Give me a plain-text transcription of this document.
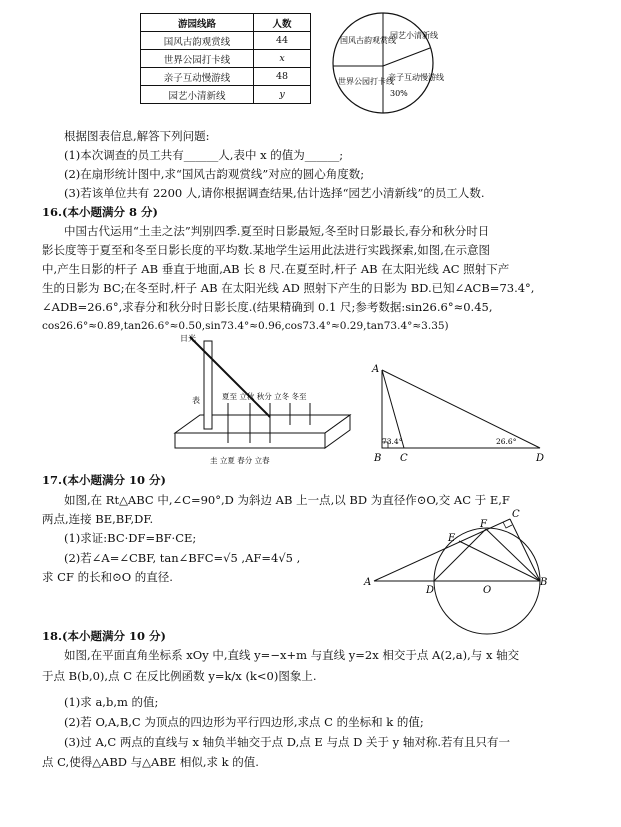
游园线路	人数
国风古韵观赏线	44
世界公园打卡线	x
亲子互动慢游线	48
园艺小清新线	y
国风古韵观赏线
园艺小清新线
世界公园打卡线
亲子互动慢游线
30%
根据图表信息,解答下列问题:
(1)本次调查的员工共有______人,表中 x 的值为______;
(2)在扇形统计图中,求“国风古韵观赏线”对应的圆心角度数;
(3)若该单位共有 2200 人,请你根据调查结果,估计选择“园艺小清新线”的员工人数.
16.(本小题满分 8 分)
中国古代运用“土圭之法”判别四季.夏至时日影最短,冬至时日影最长,春分和秋分时日
影长度等于夏至和冬至日影长度的平均数.某地学生运用此法进行实践探索,如图,在示意图
中,产生日影的杆子 AB 垂直于地面,AB 长 8 尺.在夏至时,杆子 AB 在太阳光线 AC 照射下产
生的日影为 BC;在冬至时,杆子 AB 在太阳光线 AD 照射下产生的日影为 BD.已知∠ACB=73.4°,
∠ADB=26.6°,求春分和秋分时日影长度.(结果精确到 0.1 尺;参考数据:sin26.6°≈0.45,
cos26.6°≈0.89,tan26.6°≈0.50,sin73.4°≈0.96,cos73.4°≈0.29,tan73.4°≈3.35)
日光
表	夏至 立秋 秋分 立冬 冬至
圭 立夏 春分 立春
A
B C	D
73.4°	26.6°
17.(本小题满分 10 分)
如图,在 Rt△ABC 中,∠C=90°,D 为斜边 AB 上一点,以 BD 为直径作⊙O,交 AC 于 E,F
两点,连接 BE,BF,DF.
(1)求证:BC·DF=BF·CE;
(2)若∠A=∠CBF, tan∠BFC=√5 ,AF=4√5 ,
求 CF 的长和⊙O 的直径.	A	B
C
D
E
F
O
18.(本小题满分 10 分)
如图,在平面直角坐标系 xOy 中,直线 y=−x+m 与直线 y=2x 相交于点 A(2,a),与 x 轴交
于点 B(b,0),点 C 在反比例函数 y=k/x (k<0)图象上.
(1)求 a,b,m 的值;
(2)若 O,A,B,C 为顶点的四边形为平行四边形,求点 C 的坐标和 k 的值;
(3)过 A,C 两点的直线与 x 轴负半轴交于点 D,点 E 与点 D 关于 y 轴对称.若有且只有一
点 C,使得△ABD 与△ABE 相似,求 k 的值.
